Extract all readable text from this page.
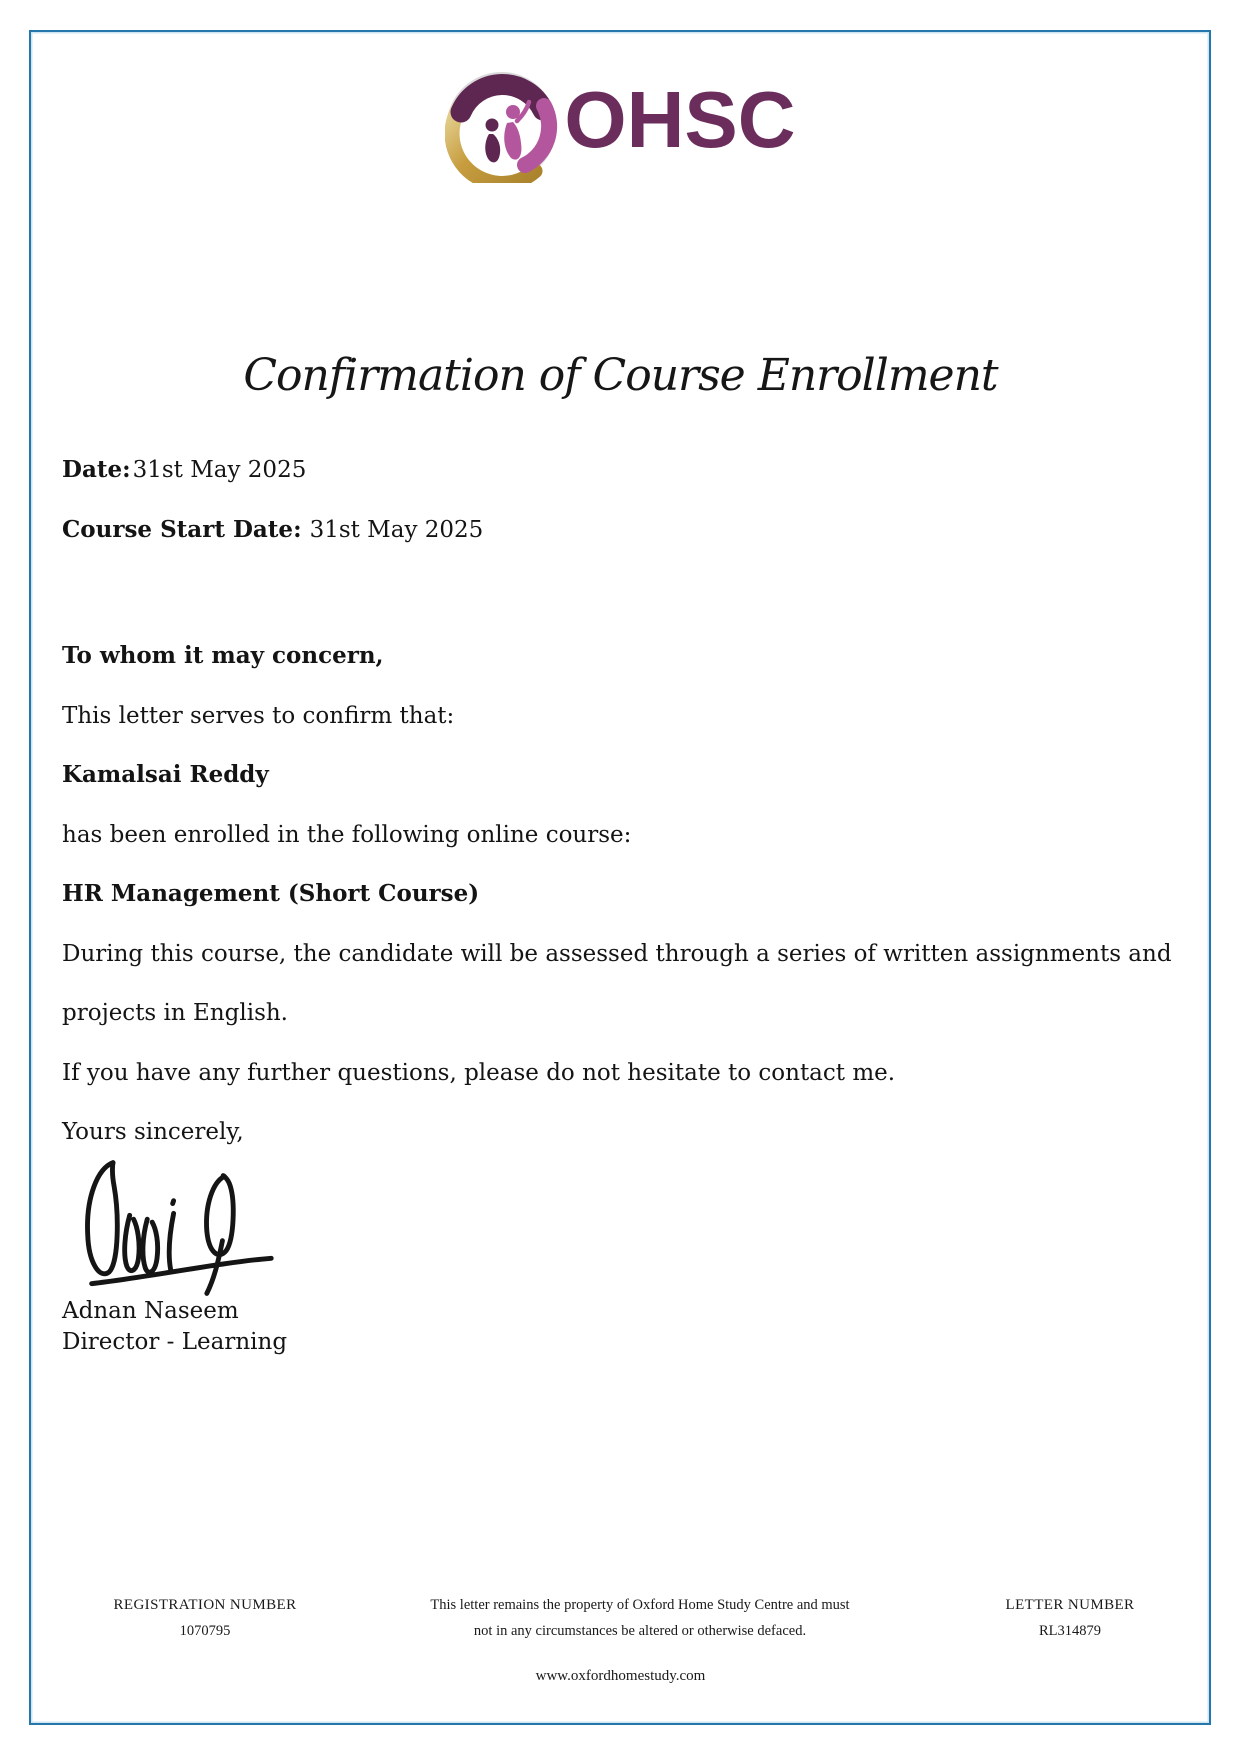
OHSC
Confirmation of Course Enrollment
Date:31st May 2025
Course Start Date: 31st May 2025
To whom it may concern,
This letter serves to confirm that:
Kamalsai Reddy
has been enrolled in the following online course:
HR Management (Short Course)
During this course, the candidate will be assessed through a series of written assignments and
projects in English.
If you have any further questions, please do not hesitate to contact me.
Yours sincerely,
Adnan Naseem
Director - Learning
REGISTRATION NUMBER
1070795
This letter remains the property of Oxford Home Study Centre and must
not in any circumstances be altered or otherwise defaced.
LETTER NUMBER
RL314879
www.oxfordhomestudy.com
